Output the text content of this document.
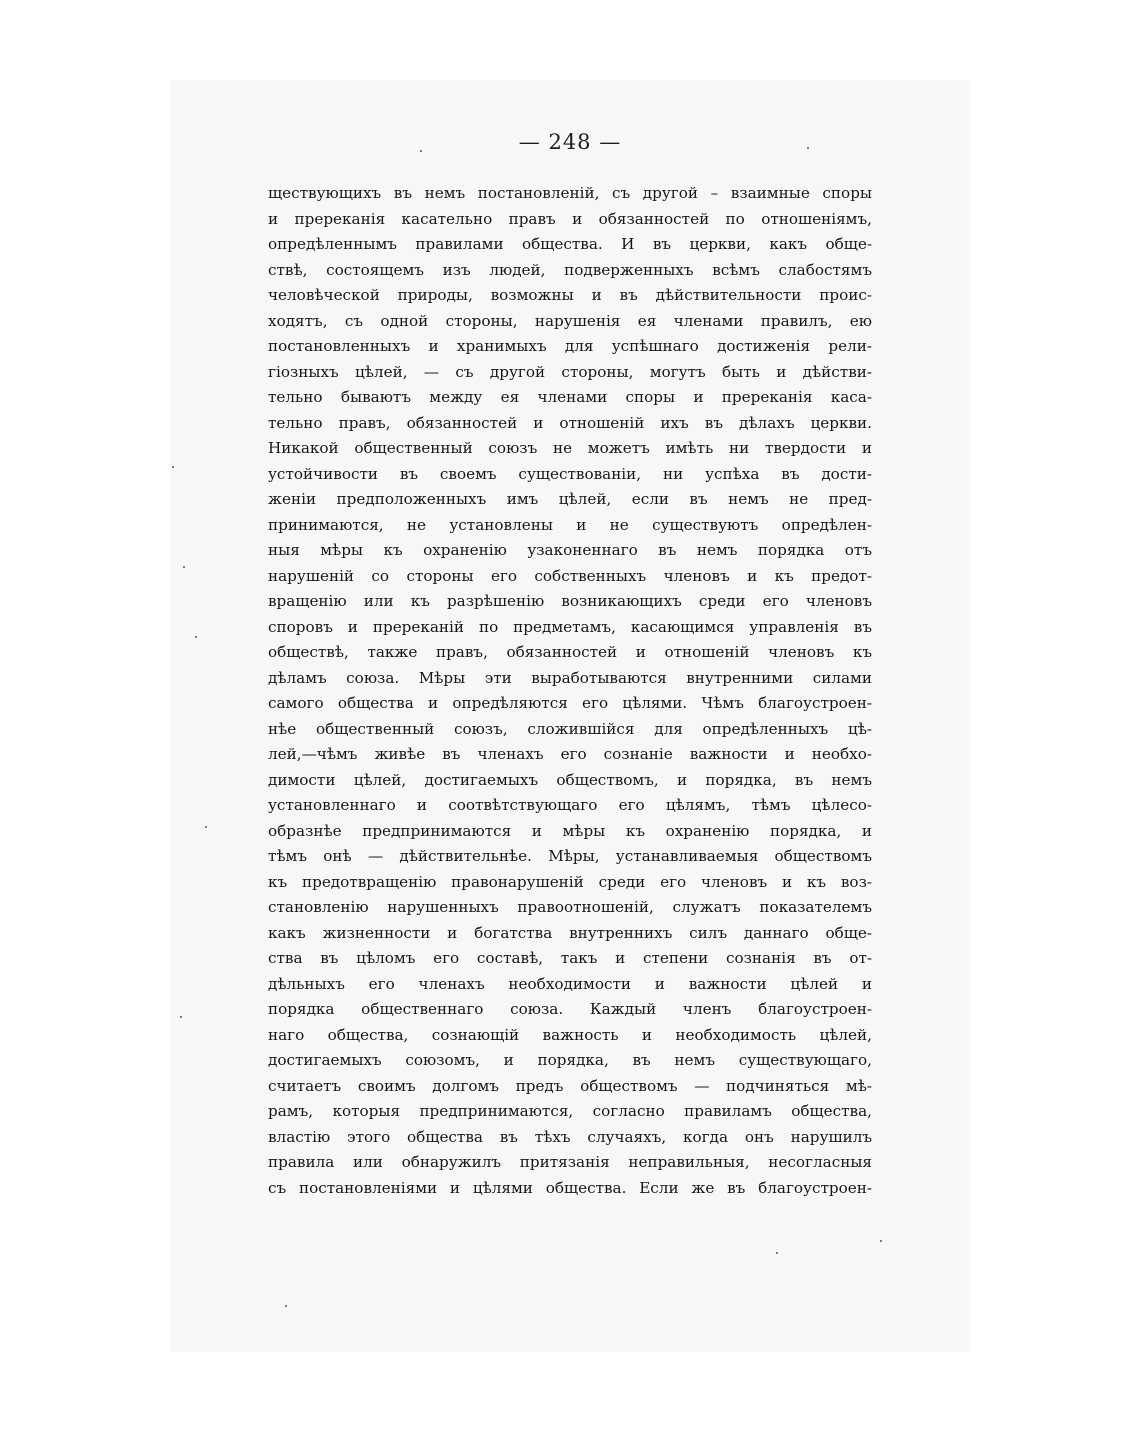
— 248 —
ществующихъ въ немъ постановленій, съ другой – взаимные споры
и пререканія касательно правъ и обязанностей по отношеніямъ,
опредѣленнымъ правилами общества. И въ церкви, какъ обще-
ствѣ, состоящемъ изъ людей, подверженныхъ всѣмъ слабостямъ
человѣческой природы, возможны и въ дѣйствительности проис-
ходятъ, съ одной стороны, нарушенія ея членами правилъ, ею
постановленныхъ и хранимыхъ для успѣшнаго достиженія рели-
гіозныхъ цѣлей, — съ другой стороны, могутъ быть и дѣйстви-
тельно бываютъ между ея членами споры и пререканія каса-
тельно правъ, обязанностей и отношеній ихъ въ дѣлахъ церкви.
Никакой общественный союзъ не можетъ имѣть ни твердости и
устойчивости въ своемъ существованіи, ни успѣха въ дости-
женіи предположенныхъ имъ цѣлей, если въ немъ не пред-
принимаются, не установлены и не существуютъ опредѣлен-
ныя мѣры къ охраненію узаконеннаго въ немъ порядка отъ
нарушеній со стороны его собственныхъ членовъ и къ предот-
вращенію или къ разрѣшенію возникающихъ среди его членовъ
споровъ и пререканій по предметамъ, касающимся управленія въ
обществѣ, также правъ, обязанностей и отношеній членовъ къ
дѣламъ союза. Мѣры эти выработываются внутренними силами
самого общества и опредѣляются его цѣлями. Чѣмъ благоустроен-
нѣе общественный союзъ, сложившійся для опредѣленныхъ цѣ-
лей,—чѣмъ живѣе въ членахъ его сознаніе важности и необхо-
димости цѣлей, достигаемыхъ обществомъ, и порядка, въ немъ
установленнаго и соотвѣтствующаго его цѣлямъ, тѣмъ цѣлесо-
образнѣе предпринимаются и мѣры къ охраненію порядка, и
тѣмъ онѣ — дѣйствительнѣе. Мѣры, устанавливаемыя обществомъ
къ предотвращенію правонарушеній среди его членовъ и къ воз-
становленію нарушенныхъ правоотношеній, служатъ показателемъ
какъ жизненности и богатства внутреннихъ силъ даннаго обще-
ства въ цѣломъ его составѣ, такъ и степени сознанія въ от-
дѣльныхъ его членахъ необходимости и важности цѣлей и
порядка общественнаго союза. Каждый членъ благоустроен-
наго общества, сознающій важность и необходимость цѣлей,
достигаемыхъ союзомъ, и порядка, въ немъ существующаго,
считаетъ своимъ долгомъ предъ обществомъ — подчиняться мѣ-
рамъ, которыя предпринимаются, согласно правиламъ общества,
властію этого общества въ тѣхъ случаяхъ, когда онъ нарушилъ
правила или обнаружилъ притязанія неправильныя, несогласныя
съ постановленіями и цѣлями общества. Если же въ благоустроен-
